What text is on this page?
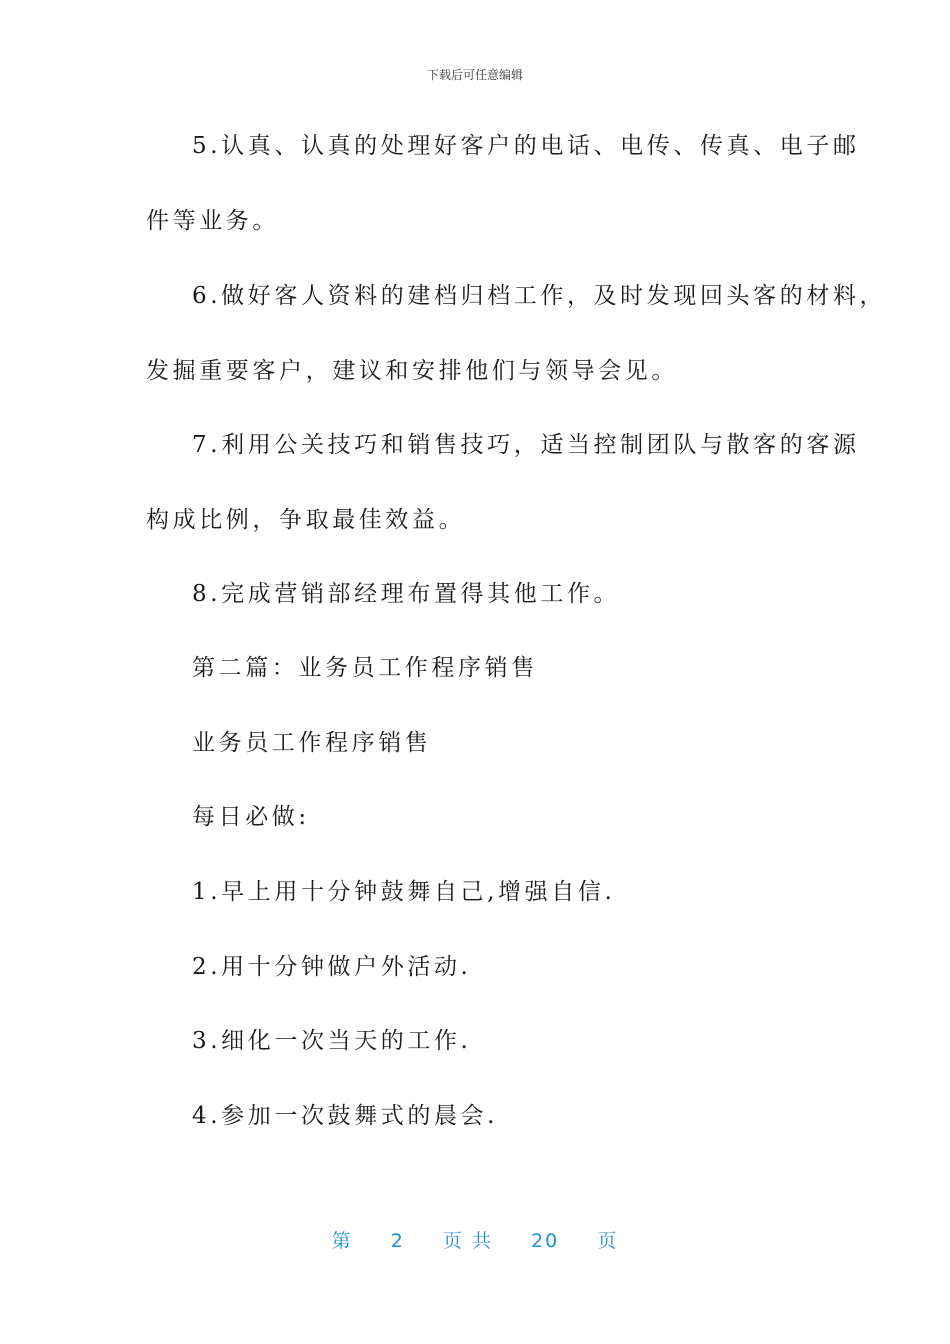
下载后可任意编辑
5.认真、认真的处理好客户的电话、电传、传真、电子邮
件等业务。
6.做好客人资料的建档归档工作，及时发现回头客的材料，
发掘重要客户，建议和安排他们与领导会见。
7.利用公关技巧和销售技巧，适当控制团队与散客的客源
构成比例，争取最佳效益。
8.完成营销部经理布置得其他工作。
第二篇：业务员工作程序销售
业务员工作程序销售
每日必做:
1.早上用十分钟鼓舞自己,增强自信.
2.用十分钟做户外活动.
3.细化一次当天的工作.
4.参加一次鼓舞式的晨会.
第 2 页 共 20 页
